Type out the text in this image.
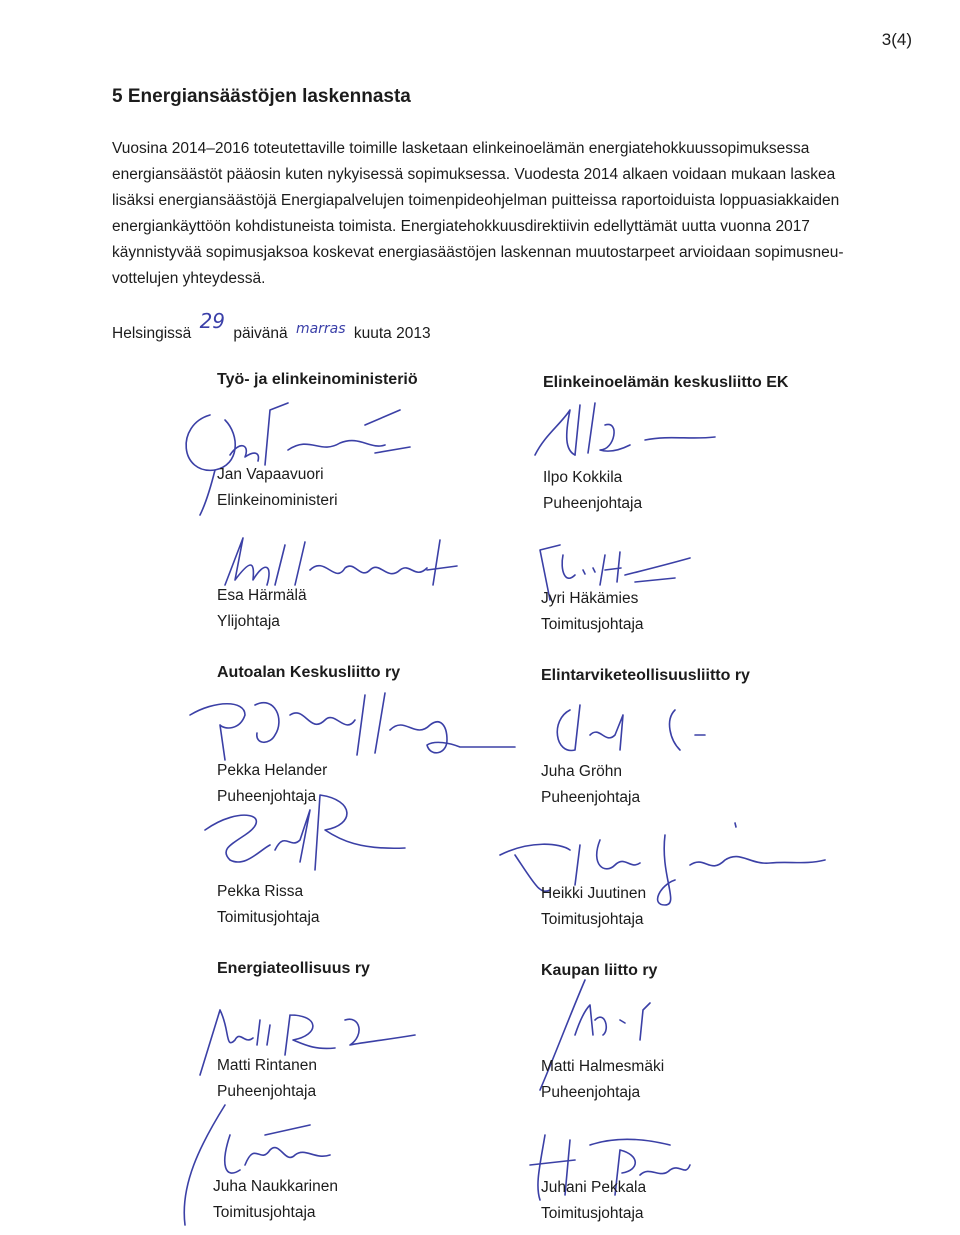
3(4)
5 Energiansäästöjen laskennasta
Vuosina 2014–2016 toteutettaville toimille lasketaan elinkeinoelämän energiatehokkuussopimuksessa
energiansäästöt pääosin kuten nykyisessä sopimuksessa. Vuodesta 2014 alkaen voidaan mukaan laskea
lisäksi energiansäästöjä Energiapalvelujen toimenpideohjelman puitteissa raportoiduista loppuasiakkaiden
energiankäyttöön kohdistuneista toimista. Energiatehokkuusdirektiivin edellyttämät uutta vuonna 2017
käynnistyvää sopimusjaksoa koskevat energiasäästöjen laskennan muutostarpeet arvioidaan sopimusneu-
vottelujen yhteydessä.
Helsingissä 29 päivänä marras kuuta 2013
Työ- ja elinkeinoministeriö
Jan Vapaavuori
Elinkeinoministeri
Esa Härmälä
Ylijohtaja
Autoalan Keskusliitto ry
Pekka Helander
Puheenjohtaja
Pekka Rissa
Toimitusjohtaja
Energiateollisuus ry
Matti Rintanen
Puheenjohtaja
Juha Naukkarinen
Toimitusjohtaja
Elinkeinoelämän keskusliitto EK
Ilpo Kokkila
Puheenjohtaja
Jyri Häkämies
Toimitusjohtaja
Elintarviketeollisuusliitto ry
Juha Gröhn
Puheenjohtaja
Heikki Juutinen
Toimitusjohtaja
Kaupan liitto ry
Matti Halmesmäki
Puheenjohtaja
Juhani Pekkala
Toimitusjohtaja
